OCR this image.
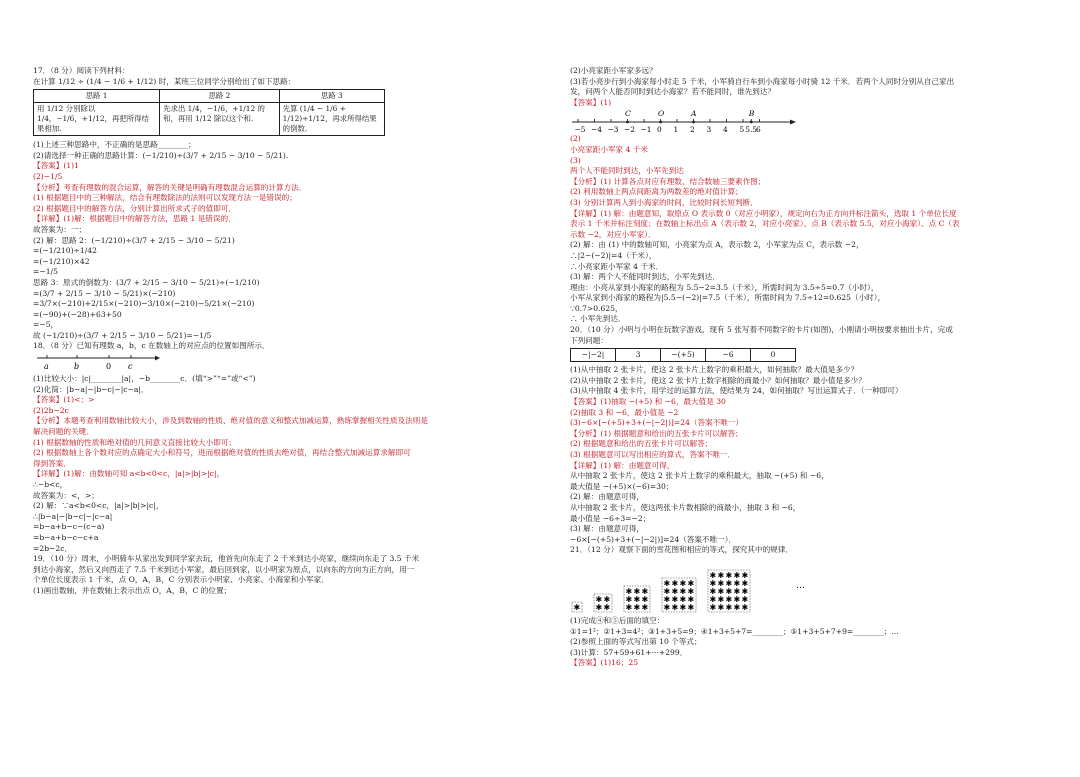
17．（8 分）阅读下列材料：
在计算 1/12 ÷ (1/4 − 1/6 + 1/12) 时，某班三位同学分别给出了如下思路：
思路 1	思路 2	思路 3
用 1/12 分别除以 1/4，−1/6，+1/12，再把所得结果相加.	先求出 1/4，−1/6，+1/12 的和，再用 1/12 除以这个和.	先算 (1/4 − 1/6 + 1/12)÷1/12，再求所得结果的倒数.
(1)上述三种思路中，不正确的是思路________；
(2)请选择一种正确的思路计算：(−1/210)÷(3/7 + 2/15 − 3/10 − 5/21).
【答案】(1)1
(2)−1/5
【分析】考查有理数的混合运算，解答的关键是明确有理数混合运算的计算方法．
(1) 根据题目中的三种解法，结合有理数除法的法则可以发现方法一是错误的；
(2) 根据题目中的解答方法，分别计算出所求式子的值即可．
【详解】(1)解：根据题目中的解答方法，思路 1 是错误的．
故答案为：一；
(2) 解：思路 2：(−1/210)÷(3/7 + 2/15 − 3/10 − 5/21)
=(−1/210)÷1/42
=(−1/210)×42
=−1/5
思路 3：原式的倒数为：(3/7 + 2/15 − 3/10 − 5/21)÷(−1/210)
=(3/7 + 2/15 − 3/10 − 5/21)×(−210)
=3/7×(−210)+2/15×(−210)−3/10×(−210)−5/21×(−210)
=(−90)+(−28)+63+50
=−5，
故 (−1/210)÷(3/7 + 2/15 − 3/10 − 5/21)=−1/5
18．（8 分）已知有理数 a，b，c 在数轴上的对应点的位置如图所示．
a	b	0 c
(1)比较大小：|c|________|a|，−b________c．(填“>”“=”或“<”)
(2)化简：|b−a|−|b−c|−|c−a|．
【答案】(1)<；>
(2)2b−2c
【分析】本题考查利用数轴比较大小，涉及到数轴的性质、绝对值的意义和整式加减运算，熟练掌握相关性质及法则是
解决问题的关键．
(1) 根据数轴的性质和绝对值的几何意义直接比较大小即可；
(2) 根据数轴上各个数对应的点确定大小和符号，进而根据绝对值的性质去绝对值，再结合整式加减运算求解即可
得到答案．
【详解】(1)解：由数轴可知 a<b<0<c，|a|>|b|>|c|，
∴−b<c，
故答案为：<，>；
(2) 解：∵a<b<0<c，|a|>|b|>|c|，
∴|b−a|−|b−c|−|c−a|
=b−a+b−c−(c−a)
=b−a+b−c−c+a
=2b−2c．
19．（10 分）周末，小明骑车从家出发到同学家去玩，他首先向东走了 2 千米到达小亮家，继续向东走了 3.5 千米
到达小海家，然后又向西走了 7.5 千米到达小军家，最后回到家，以小明家为原点，以向东的方向为正方向，用一
个单位长度表示 1 千米，点 O，A，B，C 分别表示小明家、小亮家、小海家和小军家．
(1)画出数轴，并在数轴上表示出点 O，A，B，C 的位置；
(2)小亮家距小军家多远？
(3)若小亮步行到小海家每小时走 5 千米，小军骑自行车到小海家每小时骑 12 千米．若两个人同时分别从自己家出
发，问两个人能否同时到达小海家？若不能同时，谁先到达？
【答案】(1)
−5 −4 −3 −2 −1 0 1 2 3 4 5 5.5
6
C	O	A	B
(2)
小亮家距小军家 4 千米
(3)
两个人不能同时到达，小军先到达
【分析】(1) 计算各点对应有理数，结合数轴三要素作图；
(2) 利用数轴上两点间距离为两数差的绝对值计算；
(3) 分别计算两人到小海家的时间，比较时间长短判断．
【详解】(1) 解：由题意知，取原点 O 表示数 0（对应小明家），规定向右为正方向并标注箭头，选取 1 个单位长度
表示 1 千米并标注刻度；在数轴上标出点 A（表示数 2，对应小亮家）、点 B（表示数 5.5，对应小海家）、点 C（表
示数 −2，对应小军家）．
(2) 解：由 (1) 中的数轴可知，小亮家为点 A，表示数 2，小军家为点 C，表示数 −2，
∴|2−(−2)|=4（千米），
∴小亮家距小军家 4 千米．
(3) 解：两个人不能同时到达，小军先到达．
理由：小亮从家到小海家的路程为 5.5−2=3.5（千米），所需时间为 3.5÷5=0.7（小时），
小军从家到小海家的路程为|5.5−(−2)|=7.5（千米），所需时间为 7.5÷12=0.625（小时），
∵0.7>0.625，
∴ 小军先到达．
20．（10 分）小明与小明在玩数字游戏，现有 5 张写着不同数字的卡片(如图)，小刚请小明按要求抽出卡片，完成
下列问题：
−|−2|	3	−(+5)	−6	0
(1)从中抽取 2 张卡片，使这 2 张卡片上数字的乘积最大，如何抽取？最大值是多少？
(2)从中抽取 2 张卡片，使这 2 张卡片上数字相除的商最小？如何抽取？最小值是多少？
(3)从中抽取 4 张卡片，用学过的运算方法，使结果为 24，如何抽取？写出运算式子．（一种即可）
【答案】(1)抽取 −(+5) 和 −6，最大值是 30
(2)抽取 3 和 −6，最小值是 −2
(3)−6×[−(+5)+3+(−|−2|)]=24（答案不唯一）
【分析】(1) 根据题意和给出的五张卡片可以解答；
(2) 根据题意和给出的五张卡片可以解答；
(3) 根据题意可以写出相应的算式，答案不唯一．
【详解】(1) 解：由题意可得，
从中抽取 2 张卡片，使这 2 张卡片上数字的乘积最大，抽取 −(+5) 和 −6，
最大值是 −(+5)×(−6)=30；
(2) 解：由题意可得，
从中抽取 2 张卡片，使这两张卡片数相除的商最小，抽取 3 和 −6，
最小值是 −6÷3=−2；
(3) 解：由题意可得，
−6×[−(+5)+3+(−|−2|)]=24（答案不唯一）．
21．（12 分）观察下面的雪花图和相应的等式，探究其中的规律．
✱
✱ ✱
✱ ✱
✱ ✱ ✱
✱ ✱ ✱
✱ ✱ ✱
✱ ✱ ✱ ✱
✱ ✱ ✱ ✱
✱ ✱ ✱ ✱
✱ ✱ ✱ ✱
✱ ✱ ✱ ✱ ✱
✱ ✱ ✱ ✱ ✱
✱ ✱ ✱ ✱ ✱
✱ ✱ ✱ ✱ ✱
✱ ✱ ✱ ✱ ✱
…
(1)完成④和⑤后面的填空：
①1=1²；②1+3=4²；③1+3+5=9；④1+3+5+7=________；⑤1+3+5+7+9=________；…
(2)参照上面的等式写出第 10 个等式；
(3)计算：57+59+61+···+299．
【答案】(1)16；25
